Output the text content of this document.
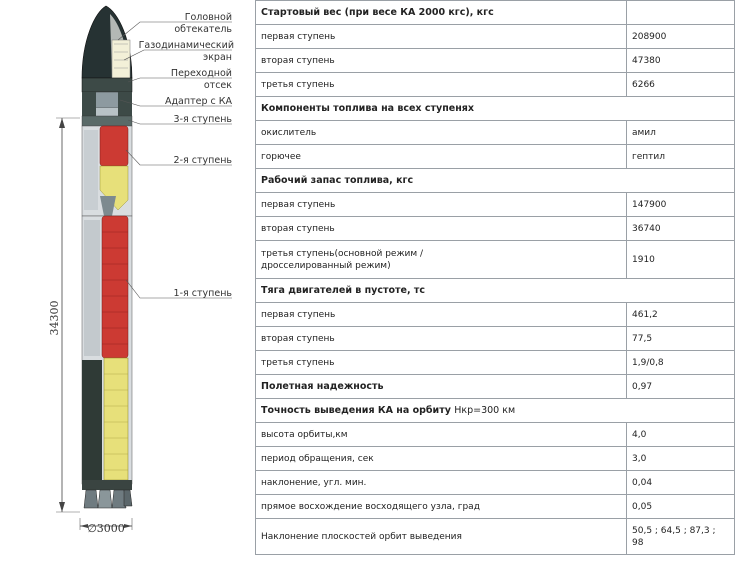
34300
∅3000
Головной
обтекатель
Газодинамический
экран
Переходной
отсек
Адаптер с КА
3-я ступень
2-я ступень
1-я ступень
Стартовый вес (при весе КА 2000 кгс), кгс	
первая ступень	208900
вторая ступень	47380
третья ступень	6266
Компоненты топлива на всех ступенях	
окислитель	амил
горючее	гептил
Рабочий запас топлива, кгс	
первая ступень	147900
вторая ступень	36740
третья ступень(основной режим / дросселированный режим)	1910
Тяга двигателей в пустоте, тс	
первая ступень	461,2
вторая ступень	77,5
третья ступень	1,9/0,8
Полетная надежность	0,97
Точность выведения КА на орбиту Нкр=300 км	
высота орбиты,км	4,0
период обращения, сек	3,0
наклонение, угл. мин.	0,04
прямое восхождение восходящего узла, град	0,05
Наклонение плоскостей орбит выведения	50,5 ; 64,5 ; 87,3 ; 98
